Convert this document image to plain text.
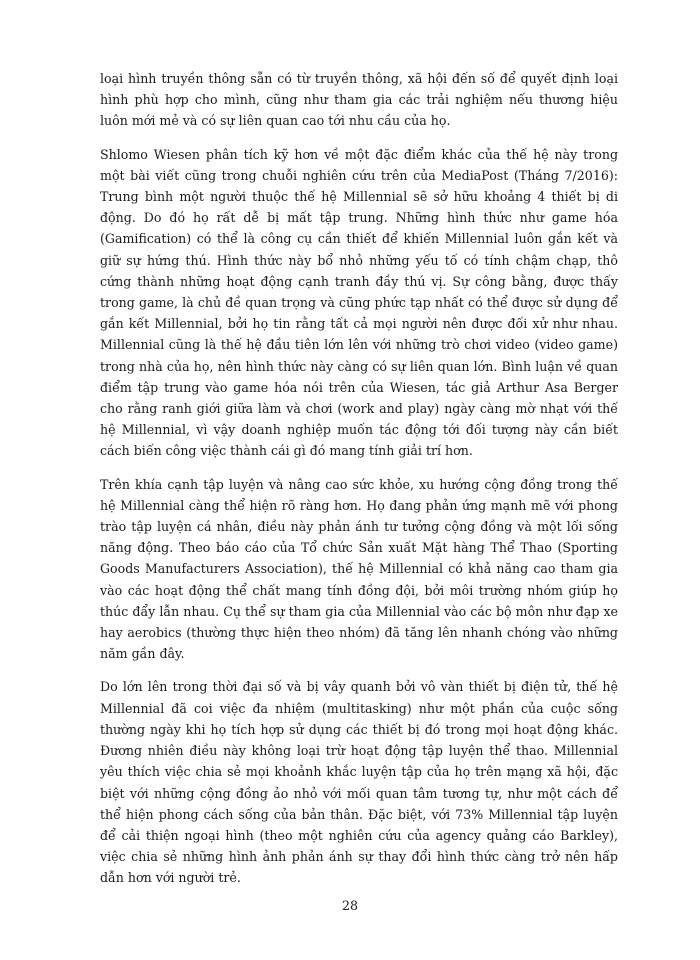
loại hình truyền thông sẵn có từ truyền thông, xã hội đến số để quyết định loại hình phù hợp cho mình, cũng như tham gia các trải nghiệm nếu thương hiệu luôn mới mẻ và có sự liên quan cao tới nhu cầu của họ.

Shlomo Wiesen phân tích kỹ hơn về một đặc điểm khác của thế hệ này trong một bài viết cũng trong chuỗi nghiên cứu trên của MediaPost (Tháng 7/2016): Trung bình một người thuộc thế hệ Millennial sẽ sở hữu khoảng 4 thiết bị di động. Do đó họ rất dễ bị mất tập trung. Những hình thức như game hóa (Gamification) có thể là công cụ cần thiết để khiến Millennial luôn gắn kết và giữ sự hứng thú. Hình thức này bổ nhỏ những yếu tố có tính chậm chạp, thô cứng thành những hoạt động cạnh tranh đầy thú vị. Sự công bằng, được thấy trong game, là chủ đề quan trọng và cũng phức tạp nhất có thể được sử dụng để gắn kết Millennial, bởi họ tin rằng tất cả mọi người nên được đối xử như nhau. Millennial cũng là thế hệ đầu tiên lớn lên với những trò chơi video (video game) trong nhà của họ, nên hình thức này càng có sự liên quan lớn. Bình luận về quan điểm tập trung vào game hóa nói trên của Wiesen, tác giả Arthur Asa Berger cho rằng ranh giới giữa làm và chơi (work and play) ngày càng mờ nhạt với thế hệ Millennial, vì vậy doanh nghiệp muốn tác động tới đối tượng này cần biết cách biến công việc thành cái gì đó mang tính giải trí hơn.

Trên khía cạnh tập luyện và nâng cao sức khỏe, xu hướng cộng đồng trong thế hệ Millennial càng thể hiện rõ ràng hơn. Họ đang phản ứng mạnh mẽ với phong trào tập luyện cá nhân, điều này phản ánh tư tưởng cộng đồng và một lối sống năng động. Theo báo cáo của Tổ chức Sản xuất Mặt hàng Thể Thao (Sporting Goods Manufacturers Association), thế hệ Millennial có khả năng cao tham gia vào các hoạt động thể chất mang tính đồng đội, bởi môi trường nhóm giúp họ thúc đẩy lẫn nhau. Cụ thể sự tham gia của Millennial vào các bộ môn như đạp xe hay aerobics (thường thực hiện theo nhóm) đã tăng lên nhanh chóng vào những năm gần đây.

Do lớn lên trong thời đại số và bị vây quanh bởi vô vàn thiết bị điện tử, thế hệ Millennial đã coi việc đa nhiệm (multitasking) như một phần của cuộc sống thường ngày khi họ tích hợp sử dụng các thiết bị đó trong mọi hoạt động khác. Đương nhiên điều này không loại trừ hoạt động tập luyện thể thao. Millennial yêu thích việc chia sẻ mọi khoảnh khắc luyện tập của họ trên mạng xã hội, đặc biệt với những cộng đồng ảo nhỏ với mối quan tâm tương tự, như một cách để thể hiện phong cách sống của bản thân. Đặc biệt, với 73% Millennial tập luyện để cải thiện ngoại hình (theo một nghiên cứu của agency quảng cáo Barkley), việc chia sẻ những hình ảnh phản ánh sự thay đổi hình thức càng trở nên hấp dẫn hơn với người trẻ.

28
